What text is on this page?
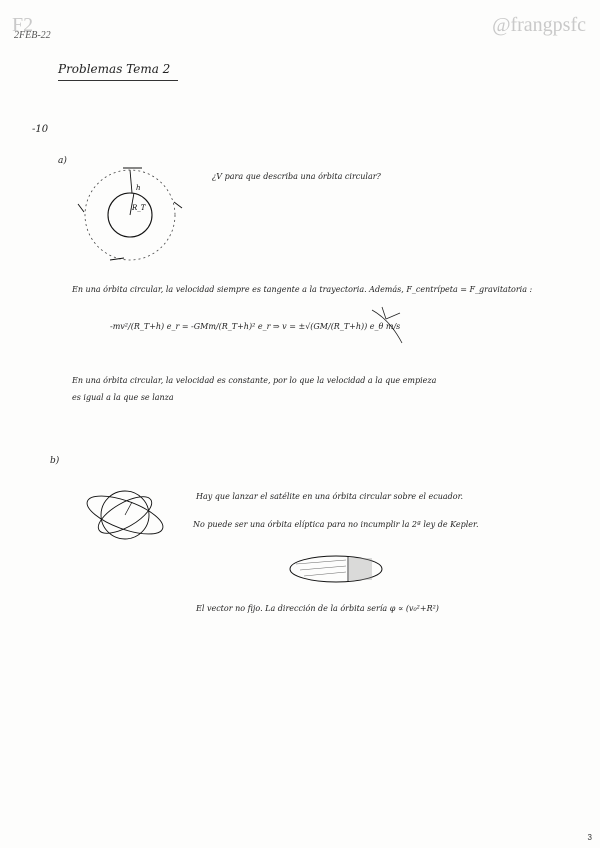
F2
2FEB-22	@frangpsfc
Problemas Tema 2
-10
a)
h
R_T
¿V para que describa una órbita circular?
En una órbita circular, la velocidad siempre es tangente a la trayectoria. Además, F_centrípeta = F_gravitatoria :
-mv²/(R_T+h) e_r = -GMm/(R_T+h)² e_r ⇒ v = ±√(GM/(R_T+h)) e_θ m/s
En una órbita circular, la velocidad es constante, por lo que la velocidad a la que empieza
es igual a la que se lanza
b)
Hay que lanzar el satélite en una órbita circular sobre el ecuador.
No puede ser una órbita elíptica para no incumplir la 2ª ley de Kepler.
El vector no fijo. La dirección de la órbita sería φ ∝ (v₀²+R²)
3
